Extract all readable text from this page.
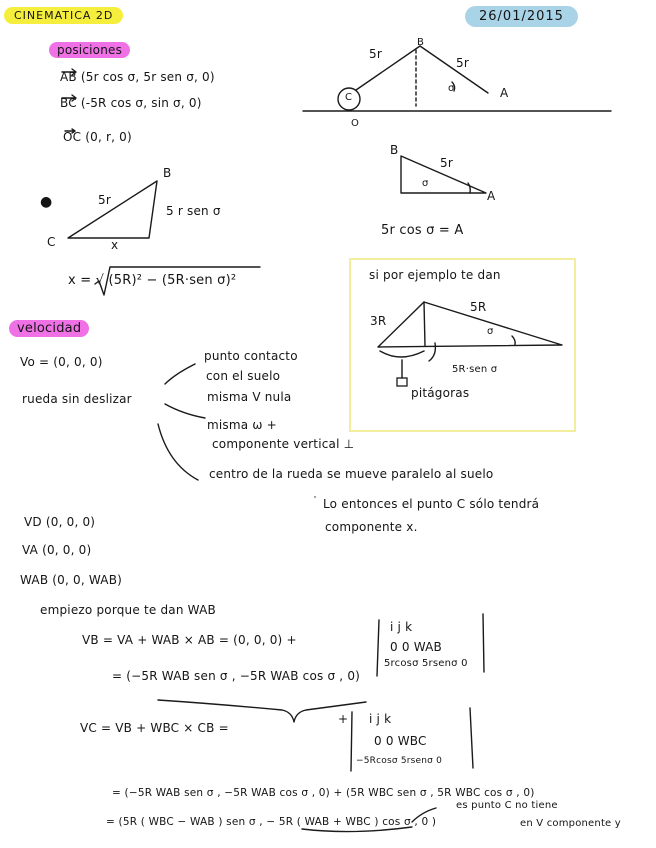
CINEMATICA 2D	26/01/2015
posiciones
AB (5r cos σ, 5r sen σ, 0)
BC (-5R cos σ, sin σ, 0)
OC (0, r, 0)
5r
B
5r
σ	A
C
O
B
5r
σ
A
5r cos σ = A
●
B
5r
5 r sen σ
C	x
x = √ (5R)² − (5R·sen σ)²	si por ejemplo te dan
3R
5R
σ
5R·sen σ
pitágoras
velocidad
Vo = (0, 0, 0)
rueda sin deslizar
punto contacto
con el suelo
misma V nula
misma ω +
componente vertical ⊥
centro de la rueda se mueve paralelo al suelo
Lo entonces el punto C sólo tendrá
componente x.
VD (0, 0, 0)
VA (0, 0, 0)
WAB (0, 0, WAB)
empiezo porque te dan WAB
VB = VA + WAB × AB = (0, 0, 0) +
i j k
0 0 WAB
5rcosσ 5rsenσ 0
= (−5R WAB sen σ , −5R WAB cos σ , 0)
VC = VB + WBC × CB =
+ i j k
0 0 WBC
−5Rcosσ 5rsenσ 0
= (−5R WAB sen σ , −5R WAB cos σ , 0) + (5R WBC sen σ , 5R WBC cos σ , 0)
es punto C no tiene
= (5R ( WBC − WAB ) sen σ , − 5R ( WAB + WBC ) cos σ , 0 )	en V componente y
